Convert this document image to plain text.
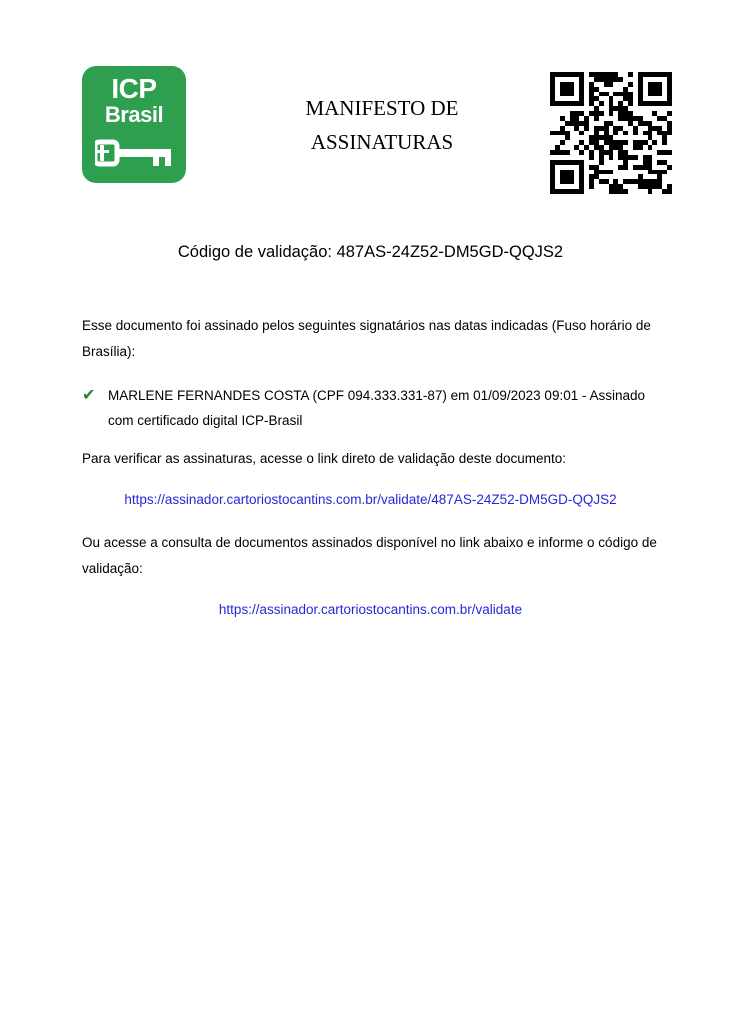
ICP
Brasil	MANIFESTO DE
ASSINATURAS
Código de validação: 487AS-24Z52-DM5GD-QQJS2
Esse documento foi assinado pelos seguintes signatários nas datas indicadas (Fuso horário de Brasília):
✔ MARLENE FERNANDES COSTA (CPF 094.333.331-87) em 01/09/2023 09:01 - Assinado com certificado digital ICP-Brasil
Para verificar as assinaturas, acesse o link direto de validação deste documento:
https://assinador.cartoriostocantins.com.br/validate/487AS-24Z52-DM5GD-QQJS2
Ou acesse a consulta de documentos assinados disponível no link abaixo e informe o código de validação:
https://assinador.cartoriostocantins.com.br/validate
